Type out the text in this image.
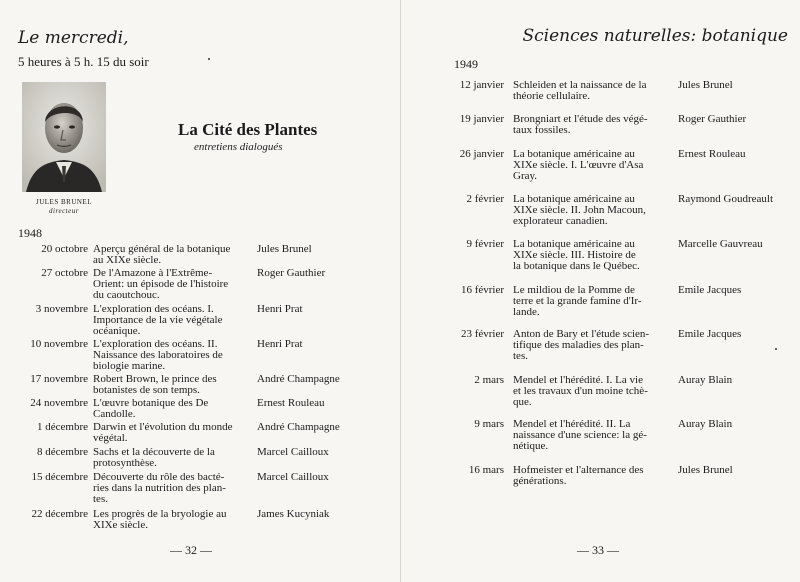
Le mercredi,
5 heures à 5 h. 15 du soir
JULES BRUNEL
directeur
La Cité des Plantes
entretiens dialogués
1948
20 octobre Aperçu général de la botanique
au XIXe siècle.
Jules Brunel
27 octobre De l'Amazone à l'Extrême-
Orient: un épisode de l'histoire
du caoutchouc.
Roger Gauthier
3 novembre L'exploration des océans. I.
Importance de la vie végétale
océanique.
Henri Prat
10 novembre L'exploration des océans. II.
Naissance des laboratoires de
biologie marine.
Henri Prat
17 novembre Robert Brown, le prince des
botanistes de son temps.
André Champagne
24 novembre L'œuvre botanique des De
Candolle.
Ernest Rouleau
1 décembre Darwin et l'évolution du monde
végétal.
André Champagne
8 décembre Sachs et la découverte de la
protosynthèse.
Marcel Cailloux
15 décembre Découverte du rôle des bacté-
ries dans la nutrition des plan-
tes.
Marcel Cailloux
22 décembre Les progrès de la bryologie au
XIXe siècle.
James Kucyniak
— 32 —
Sciences naturelles: botanique
1949
12 janvier Schleiden et la naissance de la
théorie cellulaire.
Jules Brunel
19 janvier Brongniart et l'étude des végé-
taux fossiles.
Roger Gauthier
26 janvier La botanique américaine au
XIXe siècle. I. L'œuvre d'Asa
Gray.
Ernest Rouleau
2 février La botanique américaine au
XIXe siècle. II. John Macoun,
explorateur canadien.
Raymond Goudreault
9 février La botanique américaine au
XIXe siècle. III. Histoire de
la botanique dans le Québec.
Marcelle Gauvreau
16 février Le mildiou de la Pomme de
terre et la grande famine d'Ir-
lande.
Emile Jacques
23 février Anton de Bary et l'étude scien-
tifique des maladies des plan-
tes.
Emile Jacques
2 mars Mendel et l'hérédité. I. La vie
et les travaux d'un moine tchè-
que.
Auray Blain
9 mars Mendel et l'hérédité. II. La
naissance d'une science: la gé-
nétique.
Auray Blain
16 mars Hofmeister et l'alternance des
générations.
Jules Brunel
— 33 —
